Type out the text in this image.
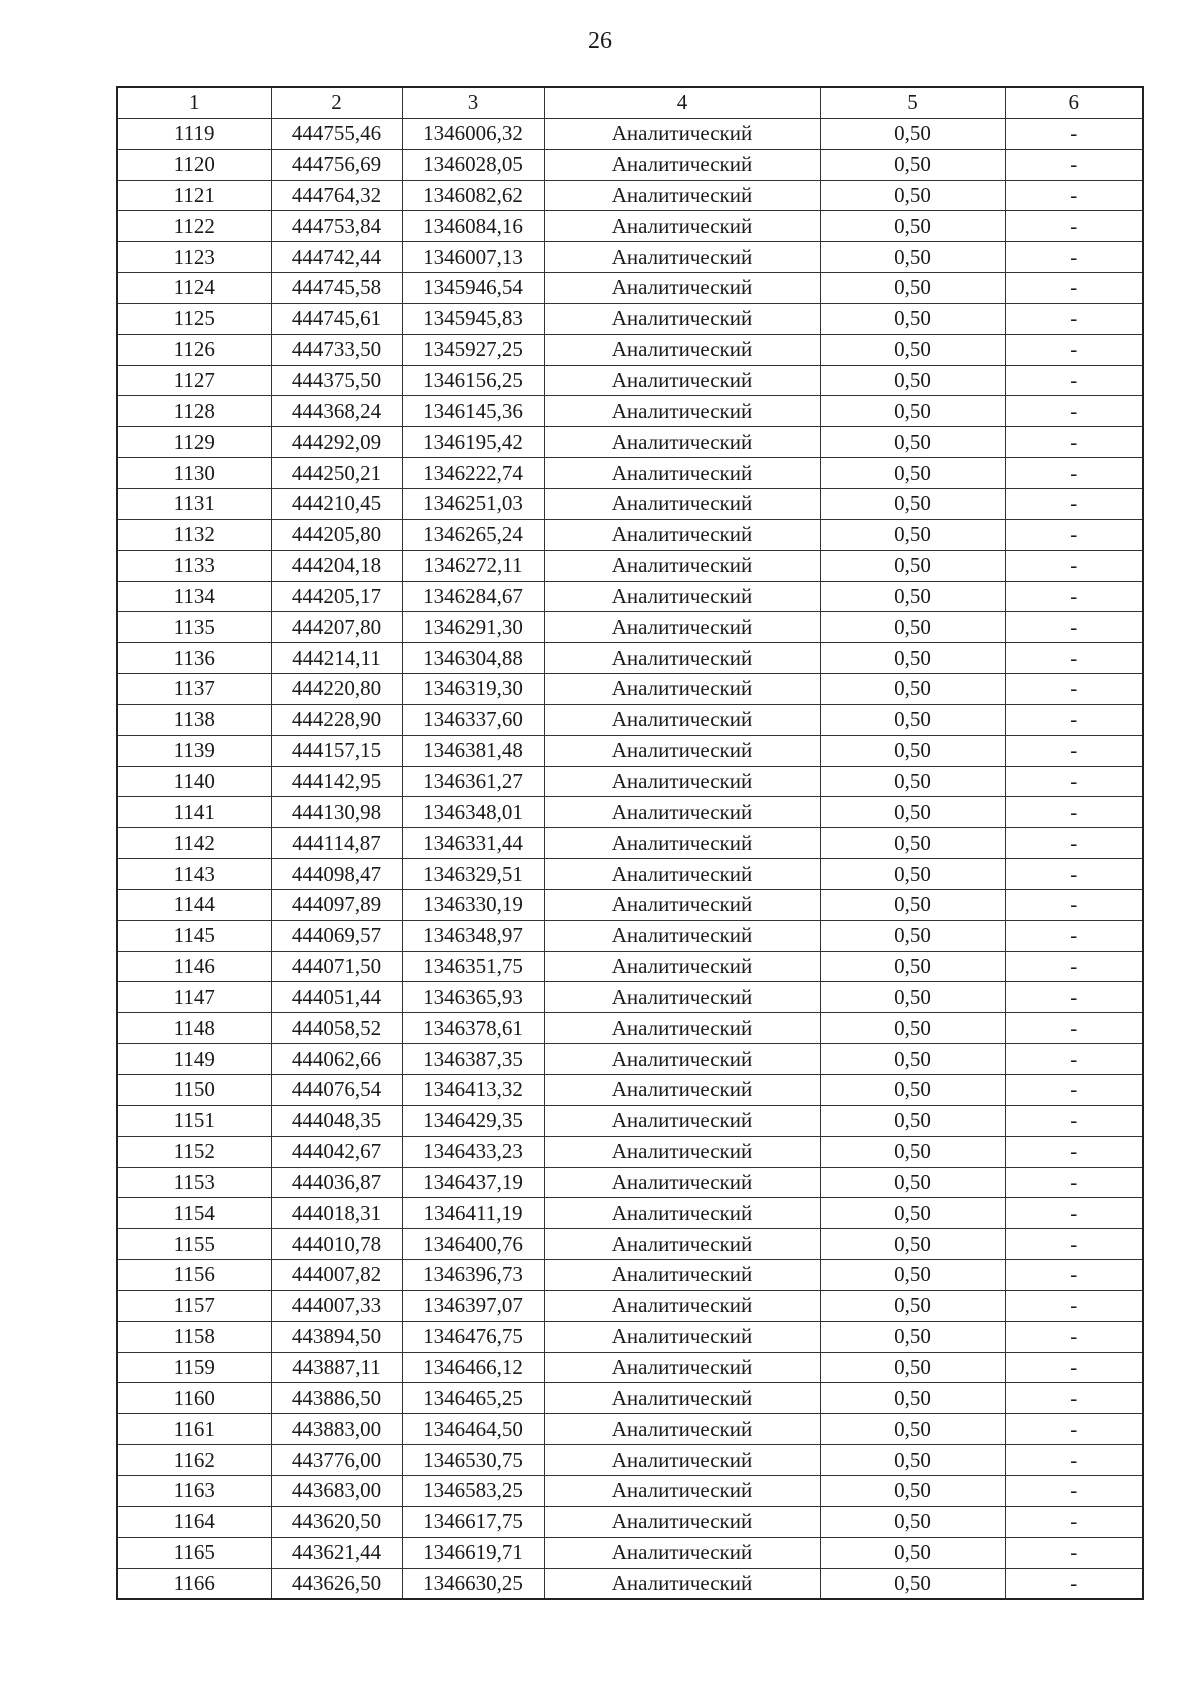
26
1	2	3	4	5	6
1119	444755,46	1346006,32	Аналитический	0,50	-
1120	444756,69	1346028,05	Аналитический	0,50	-
1121	444764,32	1346082,62	Аналитический	0,50	-
1122	444753,84	1346084,16	Аналитический	0,50	-
1123	444742,44	1346007,13	Аналитический	0,50	-
1124	444745,58	1345946,54	Аналитический	0,50	-
1125	444745,61	1345945,83	Аналитический	0,50	-
1126	444733,50	1345927,25	Аналитический	0,50	-
1127	444375,50	1346156,25	Аналитический	0,50	-
1128	444368,24	1346145,36	Аналитический	0,50	-
1129	444292,09	1346195,42	Аналитический	0,50	-
1130	444250,21	1346222,74	Аналитический	0,50	-
1131	444210,45	1346251,03	Аналитический	0,50	-
1132	444205,80	1346265,24	Аналитический	0,50	-
1133	444204,18	1346272,11	Аналитический	0,50	-
1134	444205,17	1346284,67	Аналитический	0,50	-
1135	444207,80	1346291,30	Аналитический	0,50	-
1136	444214,11	1346304,88	Аналитический	0,50	-
1137	444220,80	1346319,30	Аналитический	0,50	-
1138	444228,90	1346337,60	Аналитический	0,50	-
1139	444157,15	1346381,48	Аналитический	0,50	-
1140	444142,95	1346361,27	Аналитический	0,50	-
1141	444130,98	1346348,01	Аналитический	0,50	-
1142	444114,87	1346331,44	Аналитический	0,50	-
1143	444098,47	1346329,51	Аналитический	0,50	-
1144	444097,89	1346330,19	Аналитический	0,50	-
1145	444069,57	1346348,97	Аналитический	0,50	-
1146	444071,50	1346351,75	Аналитический	0,50	-
1147	444051,44	1346365,93	Аналитический	0,50	-
1148	444058,52	1346378,61	Аналитический	0,50	-
1149	444062,66	1346387,35	Аналитический	0,50	-
1150	444076,54	1346413,32	Аналитический	0,50	-
1151	444048,35	1346429,35	Аналитический	0,50	-
1152	444042,67	1346433,23	Аналитический	0,50	-
1153	444036,87	1346437,19	Аналитический	0,50	-
1154	444018,31	1346411,19	Аналитический	0,50	-
1155	444010,78	1346400,76	Аналитический	0,50	-
1156	444007,82	1346396,73	Аналитический	0,50	-
1157	444007,33	1346397,07	Аналитический	0,50	-
1158	443894,50	1346476,75	Аналитический	0,50	-
1159	443887,11	1346466,12	Аналитический	0,50	-
1160	443886,50	1346465,25	Аналитический	0,50	-
1161	443883,00	1346464,50	Аналитический	0,50	-
1162	443776,00	1346530,75	Аналитический	0,50	-
1163	443683,00	1346583,25	Аналитический	0,50	-
1164	443620,50	1346617,75	Аналитический	0,50	-
1165	443621,44	1346619,71	Аналитический	0,50	-
1166	443626,50	1346630,25	Аналитический	0,50	-
